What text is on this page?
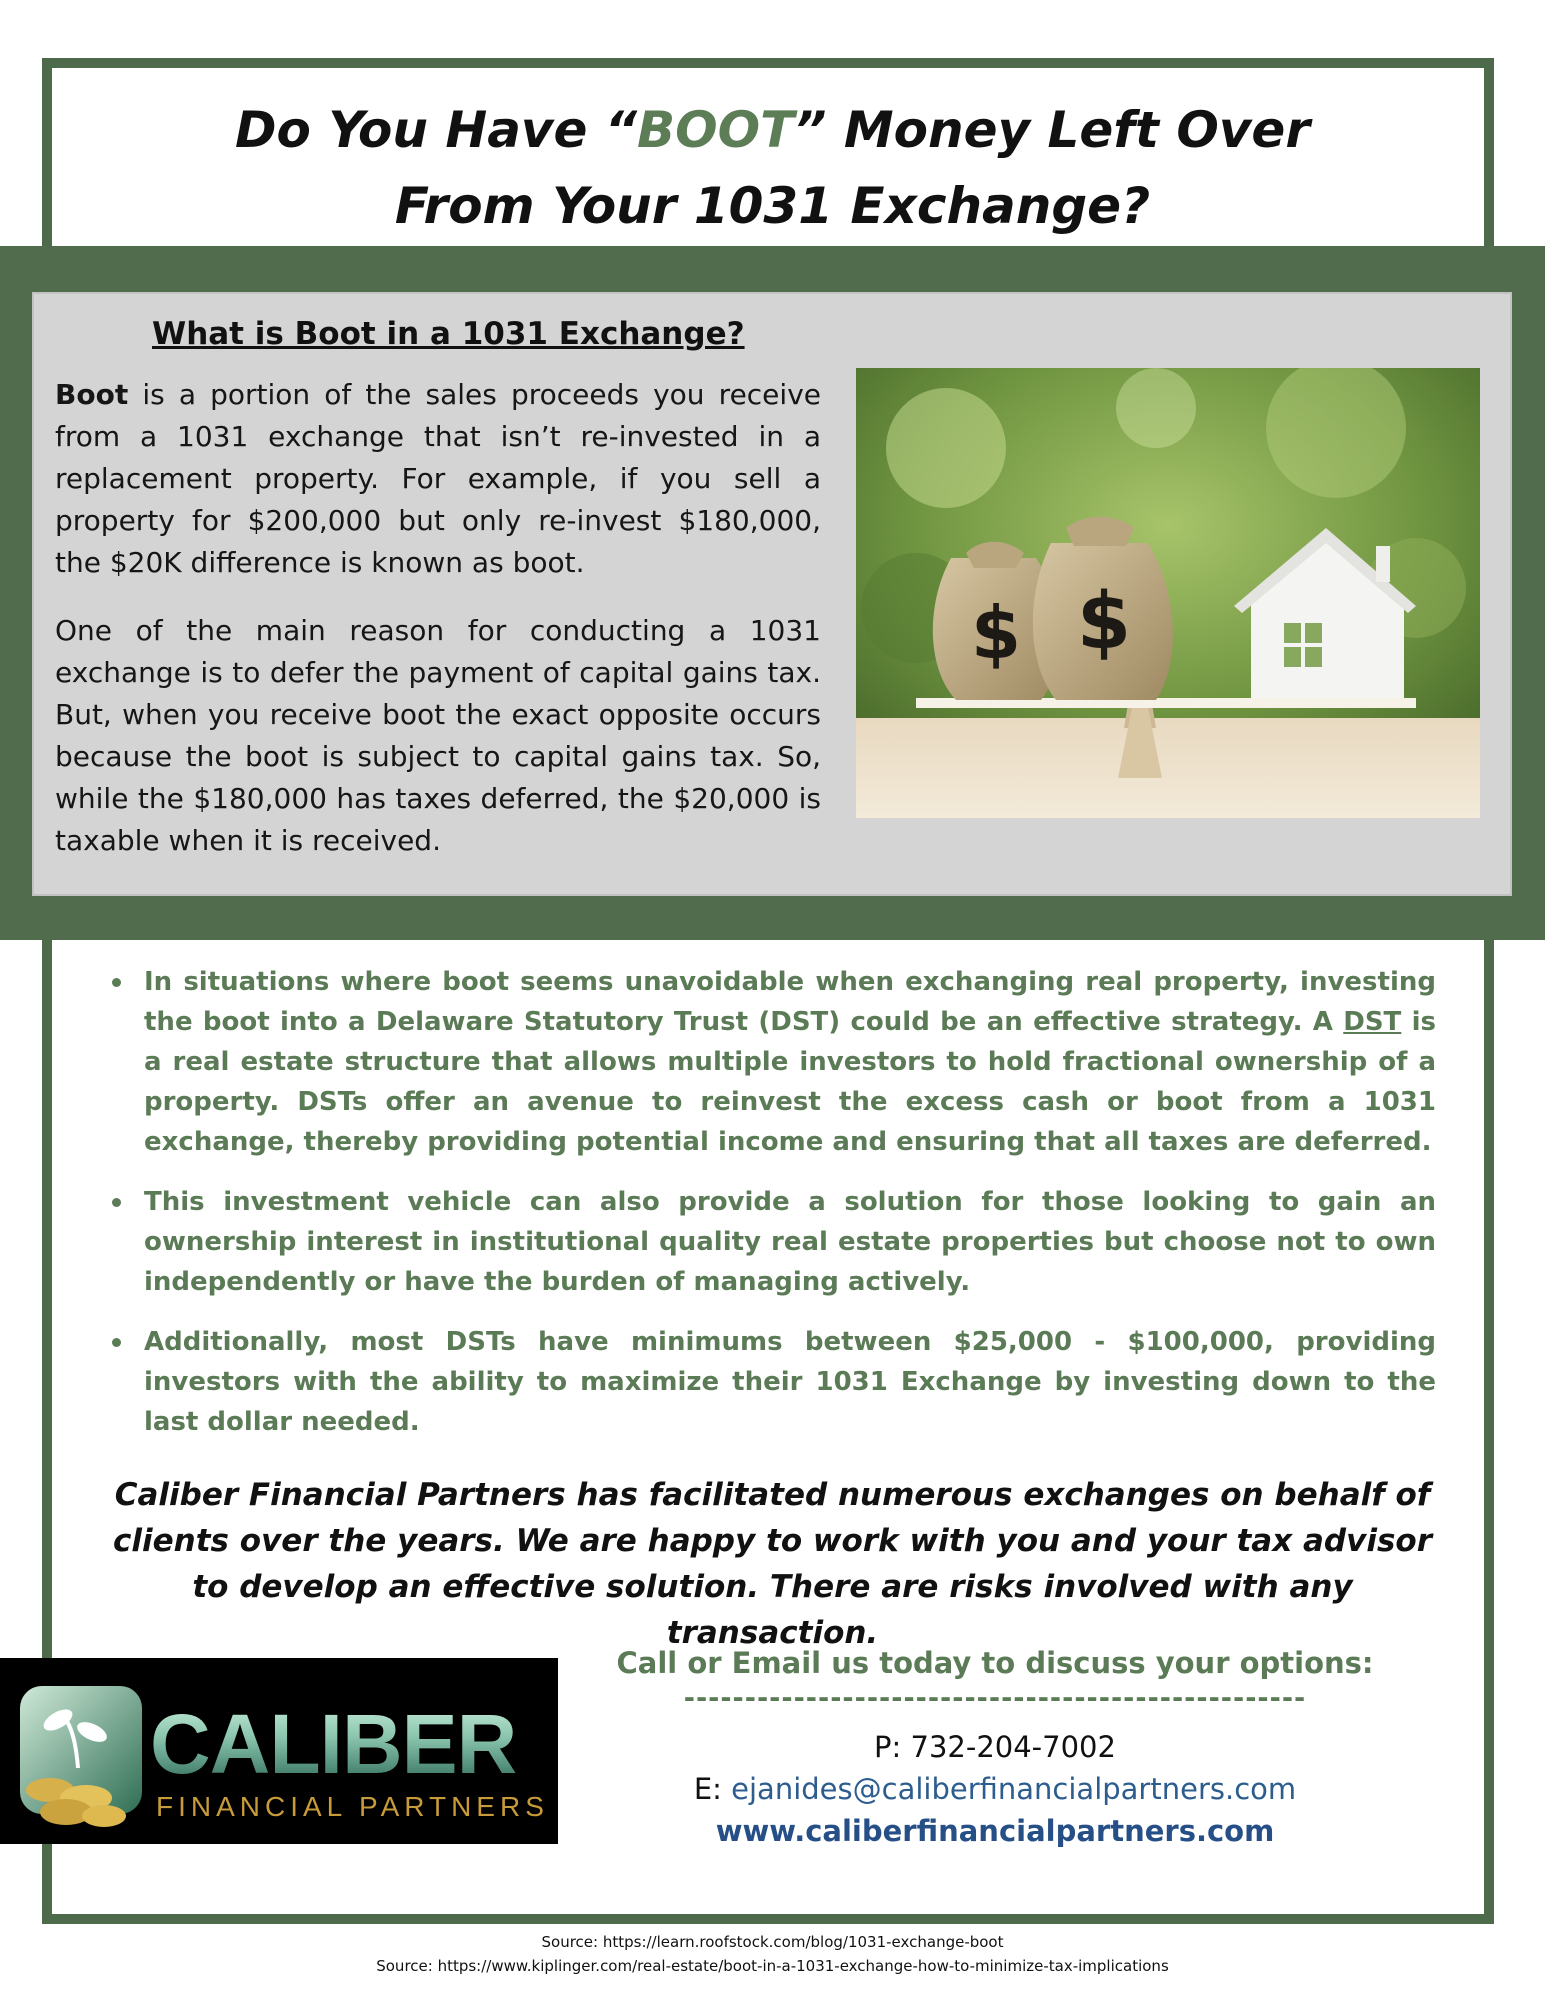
Do You Have “BOOT” Money Left Over
From Your 1031 Exchange?
What is Boot in a 1031 Exchange?
Boot is a portion of the sales proceeds you receive from a 1031 exchange that isn’t re-invested in a replacement property. For example, if you sell a property for $200,000 but only re-invest $180,000, the $20K difference is known as boot.
One of the main reason for conducting a 1031 exchange is to defer the payment of capital gains tax. But, when you receive boot the exact opposite occurs because the boot is subject to capital gains tax. So, while the $180,000 has taxes deferred, the $20,000 is taxable when it is received.
$ $
In situations where boot seems unavoidable when exchanging real property, investing the boot into a Delaware Statutory Trust (DST) could be an effective strategy. A DST is a real estate structure that allows multiple investors to hold fractional ownership of a property. DSTs offer an avenue to reinvest the excess cash or boot from a 1031 exchange, thereby providing potential income and ensuring that all taxes are deferred.
This investment vehicle can also provide a solution for those looking to gain an ownership interest in institutional quality real estate properties but choose not to own independently or have the burden of managing actively.
Additionally, most DSTs have minimums between $25,000 - $100,000, providing investors with the ability to maximize their 1031 Exchange by investing down to the last dollar needed.
Caliber Financial Partners has facilitated numerous exchanges on behalf of clients over the years. We are happy to work with you and your tax advisor to develop an effective solution. There are risks involved with any transaction.
CALIBER
FINANCIAL PARTNERS
Call or Email us today to discuss your options:
---------------------------------------------------
P: 732-204-7002
E: ejanides@caliberfinancialpartners.com
www.caliberfinancialpartners.com
Source: https://learn.roofstock.com/blog/1031-exchange-boot
Source: https://www.kiplinger.com/real-estate/boot-in-a-1031-exchange-how-to-minimize-tax-implications
